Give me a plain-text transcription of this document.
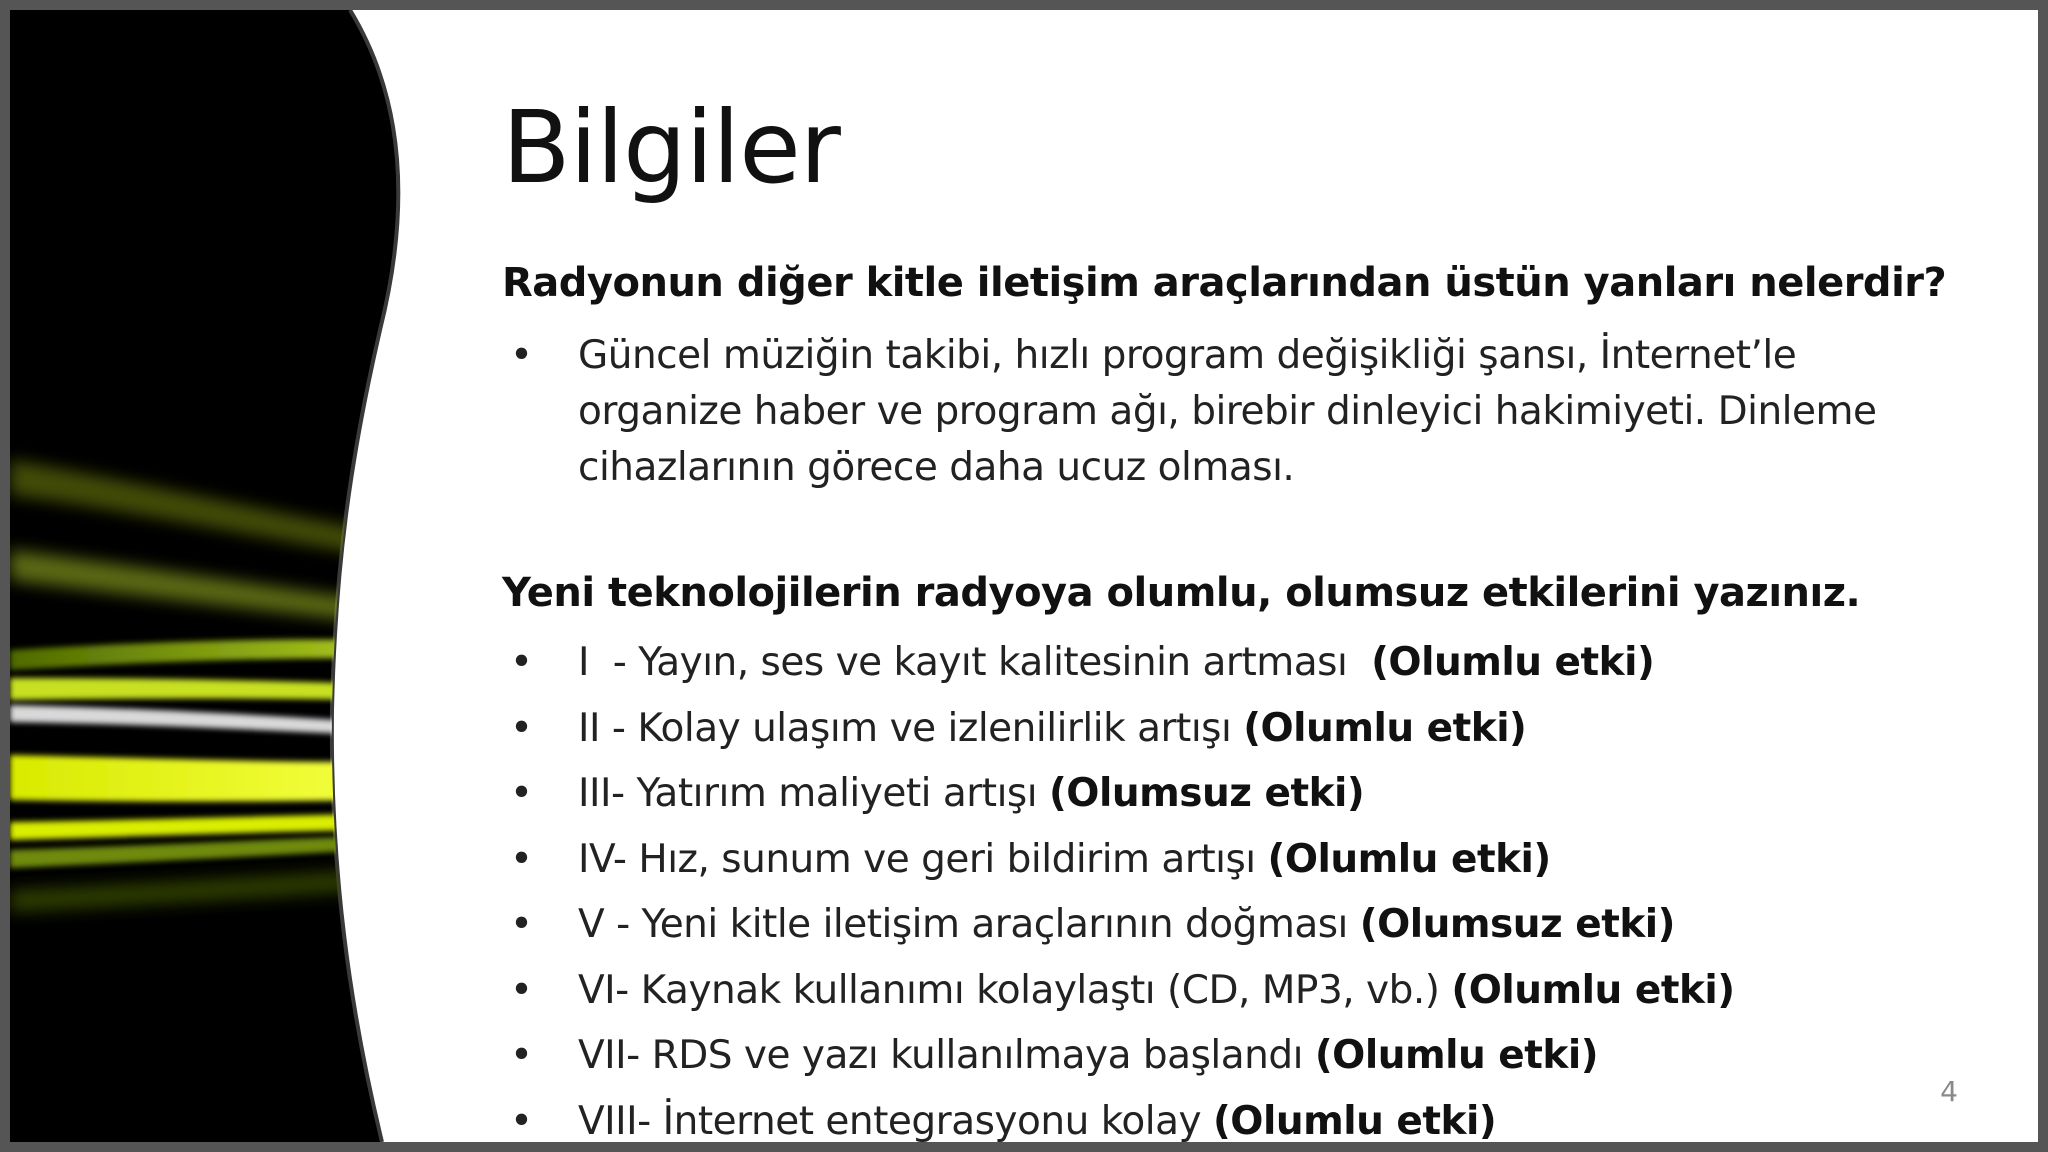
Bilgiler
Radyonun diğer kitle iletişim araçlarından üstün yanları nelerdir?
• Güncel müziğin takibi, hızlı program değişikliği şansı, İnternet’le organize haber ve program ağı, birebir dinleyici hakimiyeti. Dinleme cihazlarının görece daha ucuz olması.
Yeni teknolojilerin radyoya olumlu, olumsuz etkilerini yazınız.
• I  - Yayın, ses ve kayıt kalitesinin artması  (Olumlu etki)
• II - Kolay ulaşım ve izlenilirlik artışı (Olumlu etki)
• III- Yatırım maliyeti artışı (Olumsuz etki)
• IV- Hız, sunum ve geri bildirim artışı (Olumlu etki)
• V - Yeni kitle iletişim araçlarının doğması (Olumsuz etki)
• VI- Kaynak kullanımı kolaylaştı (CD, MP3, vb.) (Olumlu etki)
• VII- RDS ve yazı kullanılmaya başlandı (Olumlu etki)
• VIII- İnternet entegrasyonu kolay (Olumlu etki)
4
